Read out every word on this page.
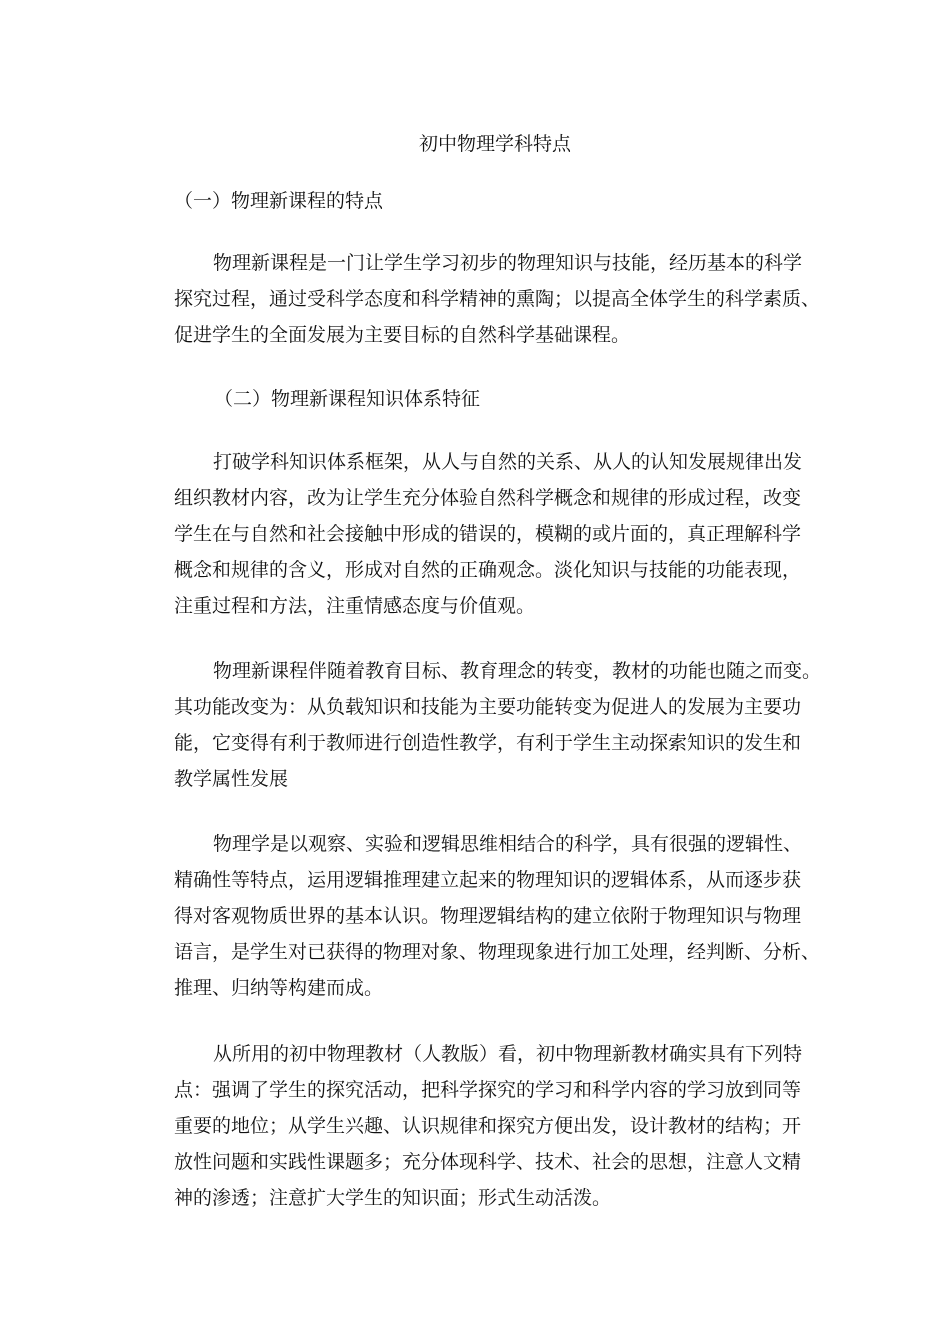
初中物理学科特点
（一）物理新课程的特点
物理新课程是一门让学生学习初步的物理知识与技能，经历基本的科学
探究过程，通过受科学态度和科学精神的熏陶；以提高全体学生的科学素质、
促进学生的全面发展为主要目标的自然科学基础课程。
（二）物理新课程知识体系特征
打破学科知识体系框架，从人与自然的关系、从人的认知发展规律出发
组织教材内容，改为让学生充分体验自然科学概念和规律的形成过程，改变
学生在与自然和社会接触中形成的错误的，模糊的或片面的，真正理解科学
概念和规律的含义，形成对自然的正确观念。淡化知识与技能的功能表现，
注重过程和方法，注重情感态度与价值观。
物理新课程伴随着教育目标、教育理念的转变，教材的功能也随之而变。
其功能改变为：从负载知识和技能为主要功能转变为促进人的发展为主要功
能，它变得有利于教师进行创造性教学，有利于学生主动探索知识的发生和
教学属性发展
物理学是以观察、实验和逻辑思维相结合的科学，具有很强的逻辑性、
精确性等特点，运用逻辑推理建立起来的物理知识的逻辑体系，从而逐步获
得对客观物质世界的基本认识。物理逻辑结构的建立依附于物理知识与物理
语言，是学生对已获得的物理对象、物理现象进行加工处理，经判断、分析、
推理、归纳等构建而成。
从所用的初中物理教材（人教版）看，初中物理新教材确实具有下列特
点：强调了学生的探究活动，把科学探究的学习和科学内容的学习放到同等
重要的地位；从学生兴趣、认识规律和探究方便出发，设计教材的结构；开
放性问题和实践性课题多；充分体现科学、技术、社会的思想，注意人文精
神的渗透；注意扩大学生的知识面；形式生动活泼。
